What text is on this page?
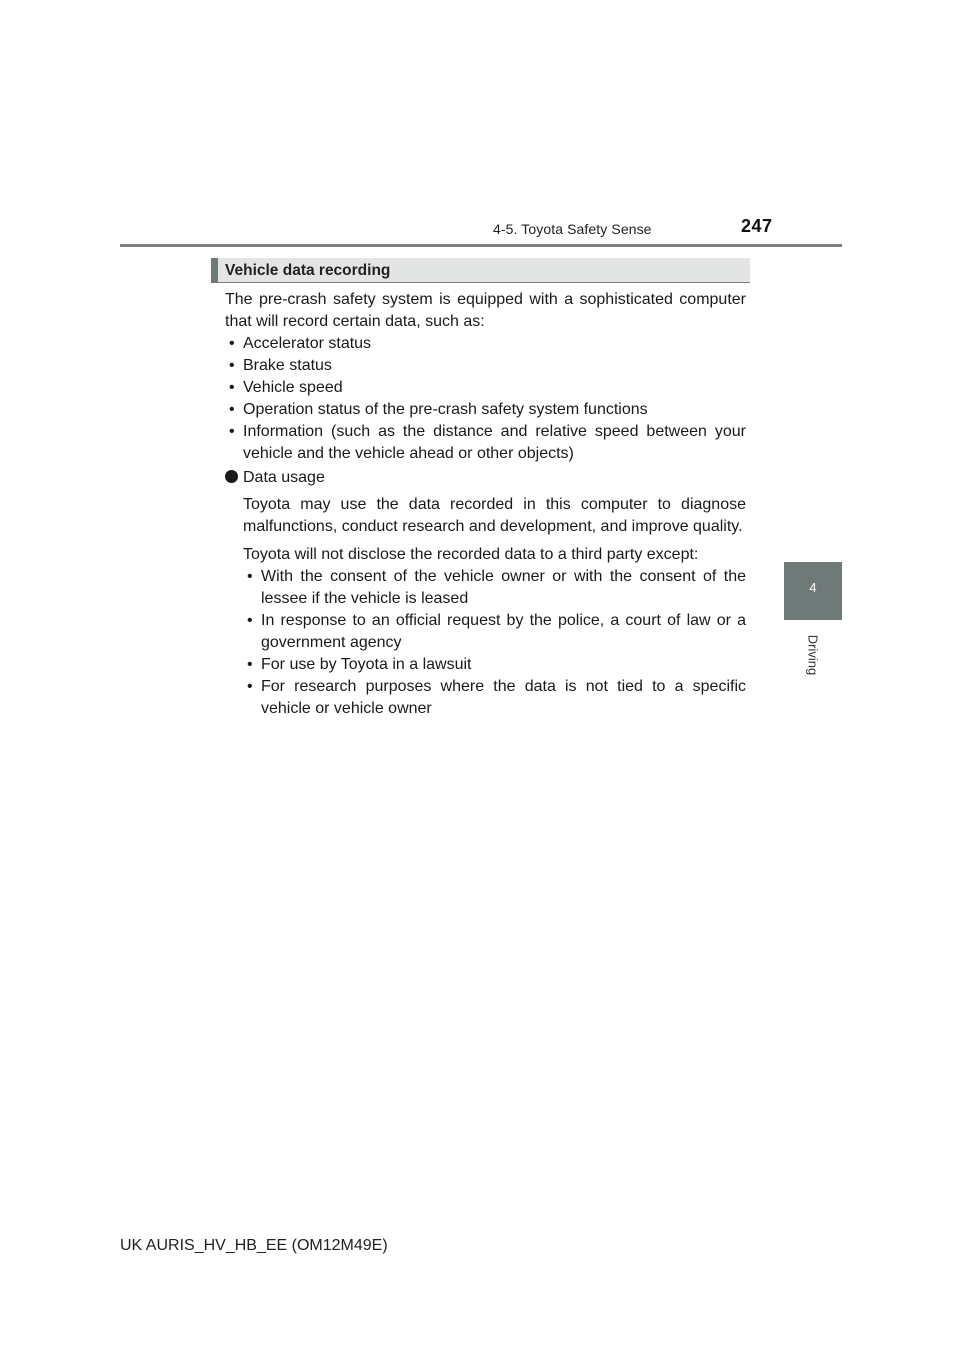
4-5. Toyota Safety Sense	247
4
Driving
Vehicle data recording

The pre-crash safety system is equipped with a sophisticated computer that will record certain data, such as:

• Accelerator status
• Brake status
• Vehicle speed
• Operation status of the pre-crash safety system functions
• Information (such as the distance and relative speed between your vehicle and the vehicle ahead or other objects)
Data usage

Toyota may use the data recorded in this computer to diagnose malfunctions, conduct research and development, and improve quality.

Toyota will not disclose the recorded data to a third party except:

• With the consent of the vehicle owner or with the consent of the lessee if the vehicle is leased
• In response to an official request by the police, a court of law or a government agency
• For use by Toyota in a lawsuit
• For research purposes where the data is not tied to a specific vehicle or vehicle owner
UK AURIS_HV_HB_EE (OM12M49E)
